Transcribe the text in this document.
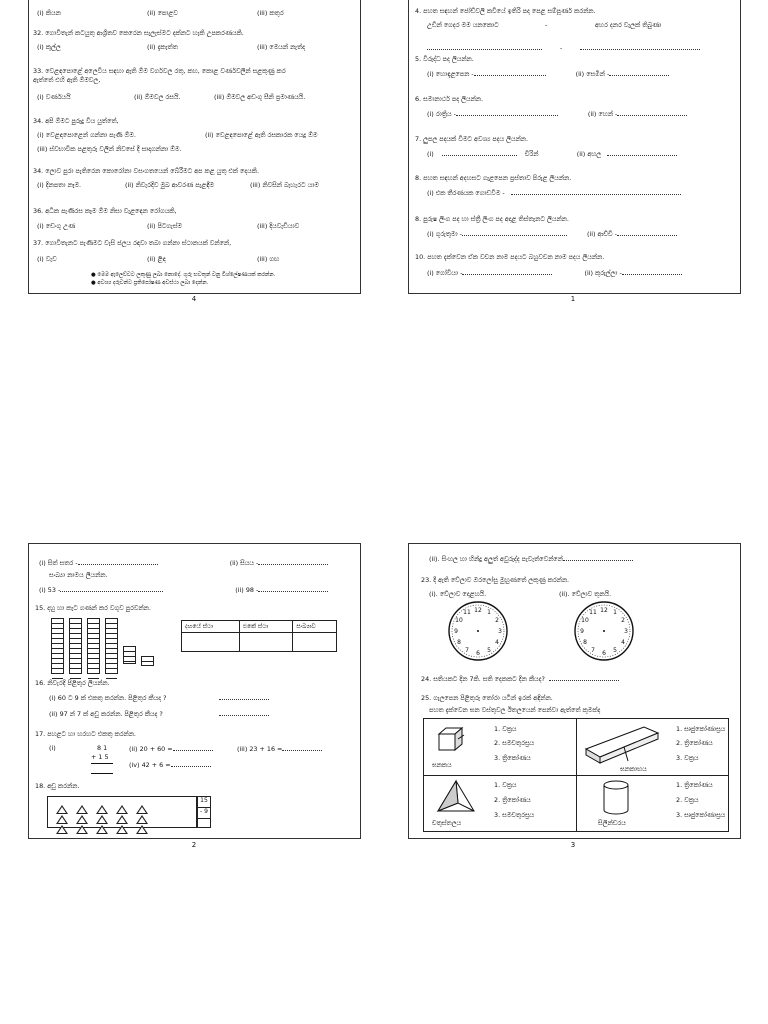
(i) කියන	(ii) පොළව	(iii) කතුර
32. ගොවිතැන් කටයුතු ආශ්‍රිතව කෙරෙන සැලැස්මට දක්නට හැකි උපකරණයකි.
(i) කුල්ල	(ii) දැකැත්ත	(iii) මෙයන් නැත්ද
33. වෙළඳපොළේ අලෙවිය සඳහා ඇති ඕම වර්ගවල රතු, කහ, කොළ වර්ණවලින් සළකුණු කර
ඇත්තේ එහි ඇති ඕමවල,
(i) වර්ණයයි	(ii) ඕමවල රසයි.	(iii) ඕමවල අඩංගු සීනි ප්‍රමාණයයි.
34. අපි ඕමට පුරුදු විය යුත්තේ,
(i) වෙළඳපොළෙන් ගන්නා පැණි ඕම.	(ii) වෙළඳපොළේ ඇති රසකාරක යෙදූ ඕම
(iii) ස්වභාවික පළතුරු වලින් නිවසේ දී සාදාගන්නා ඕම.
34. ලොව පුරා පැතිරෙන කොරෝනා වසංගතයෙන් බේරීමට අප කළ යුතු එක් දෙයකි.
(i) දිනපතා නෑම.	(ii) නිවැරදිව මුඛ ආවරණ පැළඳීම	(iii) නිවසින් බැහැරට යාම
36. අධික පැණිරස කෑම ඕම නිසා වැළඳෙන රෝගයකි,
(i) ඩෙංගු උණ	(ii) පිටගැස්ම	(iii) දියවැඩියාව
37. ගොවිතැනට පැණිමට වැසි ජලය රඳවා තබා ගන්නා ස්ථානයක් වන්නේ,
(i) වැව	(ii) ළිඳ	(iii) ගඟ
● මෙම ඇලෙව්වට ලකුණු ලබා නොදේ. ගුරු භවතුන් වනු විශ්ලේෂණයක් කරන්න.
● අවශ්‍ය දරුවන්ට ප්‍රතිපෝෂණ අවස්ථා ලබා දෙන්න.
4
4. පහත සඳහන් ජෝඩ්වලි කවියේ ඉතිරි පද පෙළ සම්පූර්ණ කරන්න.
උඩින් ගෙදර මම යනකොට	-	අහර දනර වැලක් තිබුණා
-
5. විරුද්ධ පද ලියන්න.
(i) හොඳැළපෙන -	(ii) සෙමින් -
6. සමානාර්ථ පද ලියන්න.
(i) රාත්‍රිය -	(ii) හෙන් -
7. ලුපල පදයක් වීමට අවශ්‍ය පදය ලියන්න.
(i)	චිරින්	(ii) අහල
8. පහත සඳහන් අදහසට ගැළපෙන ප්‍රස්තාව පිරුළ ලියන්න.
(i) එක තීරණයක ගොඩවීම -
8. පුරුෂ ලිංග පද හා ස්ත්‍රී ලිංග පද අදාළ තිස්තැනට ලියන්න.
(i) ගුරුතුමා -	(ii) ආච්චි -
10. පහත දැක්වෙන ඒක වචන නාම පදයට බහුවචන නාම පදය ලියන්න.
(i) ගෝවියා -	(ii) කුරුල්ලා -
1
(i) සිත් සතර -	(ii) සියය -
සංඛ්‍යා නාමය ලියන්න.
(i) 53 -	(ii) 98 -
15. දහු හා කැට ගණන් කර වගුව පුරවන්න.
දහයේ ස්ථා	එකේ ස්ථා	සංඛ්‍යාව

16. නිවැරදි පිළිතුර ලියන්න.
(i) 60 ට 9 ක් එකතු කරන්න. පිළිතුර කීයද ?
(ii) 97 න් 7 ක් අඩු කරන්න. පිළිතුර කීයද ?
17. පහළට හා හරහට එකතු කරන්න.
(i)	8 1
+ 1 5
(ii) 20 + 60 =	(iii) 23 + 16 =
(iv) 42 + 6 =
18. අඩු කරන්න.
15
- 9
2
(ii). සිංහල හා හින්දු අලුත් අවුරුද්ද පැවැත්වෙන්නේ
23. දී ඇති වේලාව ඔරලෝසු මුහුණතේ ලකුණු කරන්න.
(i). වේලාව දොළහයි.	(ii). වේලාව තුනයි.
12 1
2
3
4
5
6
7
8
9
10
11	12 1
2
3
4
5
6
7
8
9
10
11
24. සතියකට දින 7කි. සති දෙකකට දින කීයද?
25. ගැලපෙන පිළිතුරු තෝරා යටින් ඉරක් අඳින්න.
පහත දැක්වෙන ඝන වස්තුවල ඊතලයෙන් පෙන්වා ඇත්තේ කුමක්ද
ඝනකය
1. වක්‍රය
2. සමචතුරස්‍රය
3. ත්‍රිකෝණය
ඝනකාභය
1. සෘජුකෝණාස්‍රය
2. ත්‍රිකෝණය
3. වක්‍රය
චතුස්තලය
1. වක්‍රය
2. ත්‍රිකෝණය
3. සමචතුරස්‍රය
සිලින්ඩරය
1. ත්‍රිකෝණය
2. වක්‍රය
3. සෘජුකෝණාස්‍රය
3
